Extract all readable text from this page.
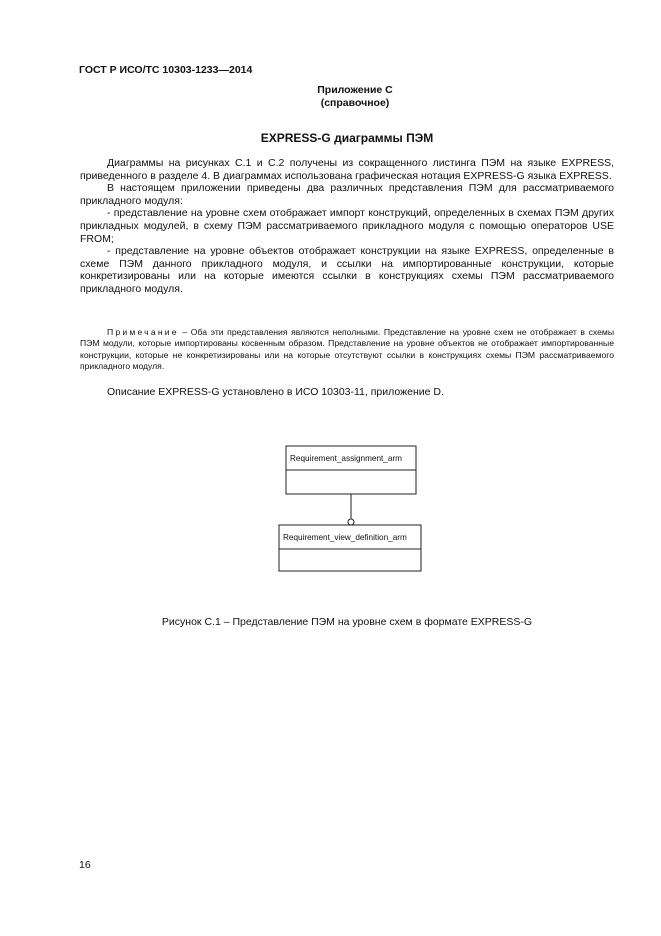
ГОСТ Р ИСО/ТС 10303-1233—2014
Приложение С
(справочное)
EXPRESS-G диаграммы ПЭМ

Диаграммы на рисунках С.1 и С.2 получены из сокращенного листинга ПЭМ на языке EXPRESS, приведенного в разделе 4. В диаграммах использована графическая нотация EXPRESS-G языка EXPRESS.

В настоящем приложении приведены два различных представления ПЭМ для рассматриваемого прикладного модуля:

- представление на уровне схем отображает импорт конструкций, определенных в схемах ПЭМ других прикладных модулей, в схему ПЭМ рассматриваемого прикладного модуля с помощью операторов USE FROM;

- представление на уровне объектов отображает конструкции на языке EXPRESS, определенные в схеме ПЭМ данного прикладного модуля, и ссылки на импортированные конструкции, которые конкретизированы или на которые имеются ссылки в конструкциях схемы ПЭМ рассматриваемого прикладного модуля.

Примечание – Оба эти представления являются неполными. Представление на уровне схем не отображает в схемы ПЭМ модули, которые импортированы косвенным образом. Представление на уровне объектов не отображает импортированные конструкции, которые не конкретизированы или на которые отсутствуют ссылки в конструкциях схемы ПЭМ рассматриваемого прикладного модуля.
Описание EXPRESS-G установлено в ИСО 10303-11, приложение D.
Requirement_assignment_arm
Requirement_view_definition_arm
Рисунок С.1 – Представление ПЭМ на уровне схем в формате EXPRESS-G
16
